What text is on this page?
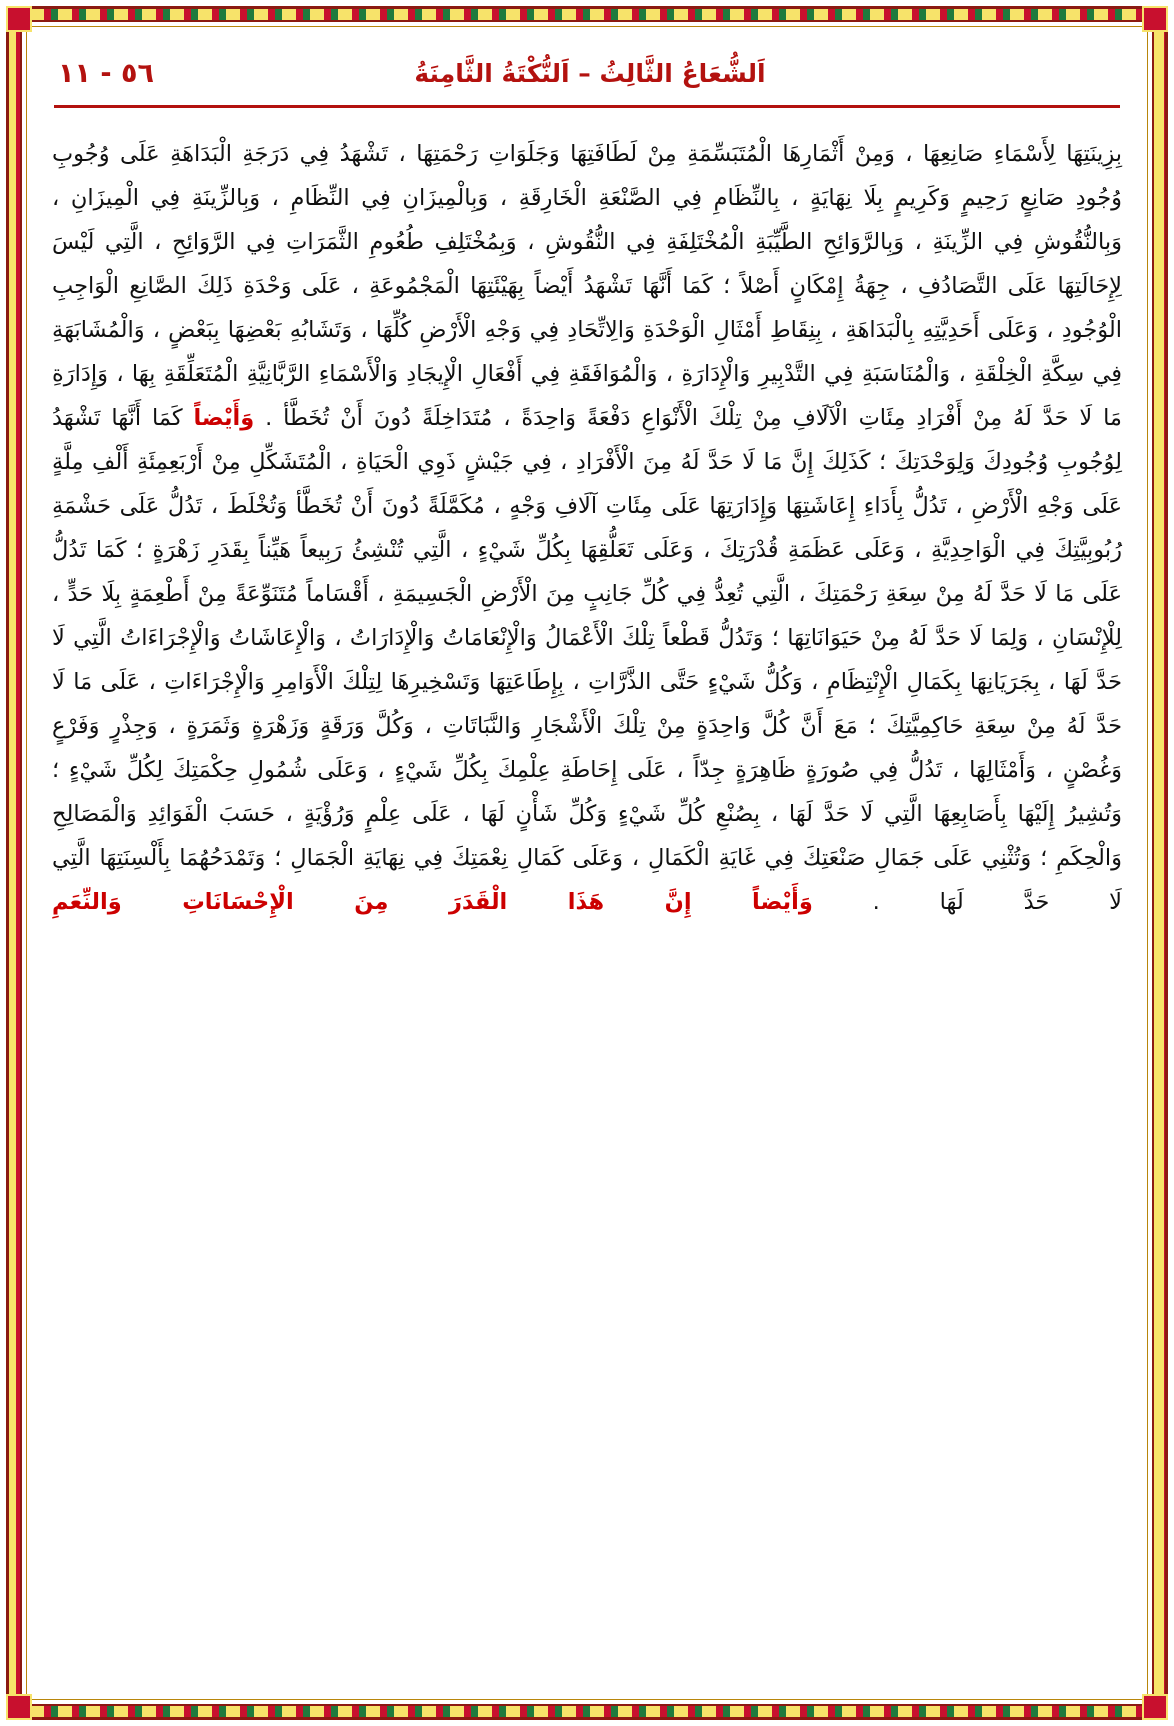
٥٦ - ١١	اَلشُّعَاعُ الثَّالِثُ – اَلنُّكْتَةُ الثَّامِنَةُ

بِزِينَتِهَا لِأَسْمَاءِ صَانِعِهَا ، وَمِنْ أَثْمَارِهَا الْمُتَبَسِّمَةِ مِنْ لَطَافَتِهَا وَجَلَوَاتِ رَحْمَتِهَا ، تَشْهَدُ فِي دَرَجَةِ الْبَدَاهَةِ عَلَى وُجُوبِ وُجُودِ صَانِعٍ رَحِيمٍ وَكَرِيمٍ بِلَا نِهَايَةٍ ، بِالنِّظَامِ فِي الصَّنْعَةِ الْخَارِقَةِ ، وَبِالْمِيزَانِ فِي النِّظَامِ ، وَبِالزِّينَةِ فِي الْمِيزَانِ ، وَبِالنُّقُوشِ فِي الزِّينَةِ ، وَبِالرَّوَائِحِ الطَّيِّبَةِ الْمُخْتَلِفَةِ فِي النُّقُوشِ ، وَبِمُخْتَلِفِ طُعُومِ الثَّمَرَاتِ فِي الرَّوَائِحِ ، الَّتِي لَيْسَ لِإِحَالَتِهَا عَلَى التَّصَادُفِ ، جِهَةُ إِمْكَانٍ أَصْلاً ؛ كَمَا أَنَّهَا تَشْهَدُ أَيْضاً بِهَيْئَتِهَا الْمَجْمُوعَةِ ، عَلَى وَحْدَةِ ذَلِكَ الصَّانِعِ الْوَاجِبِ الْوُجُودِ ، وَعَلَى أَحَدِيَّتِهِ بِالْبَدَاهَةِ ، بِنِقَاطِ أَمْثَالِ الْوَحْدَةِ وَالِاتِّحَادِ فِي وَجْهِ الْأَرْضِ كُلِّهَا ، وَتَشَابُهِ بَعْضِهَا بِبَعْضٍ ، وَالْمُشَابَهَةِ فِي سِكَّةِ الْخِلْقَةِ ، وَالْمُنَاسَبَةِ فِي التَّدْبِيرِ وَالْإِدَارَةِ ، وَالْمُوَافَقَةِ فِي أَفْعَالِ الْإِيجَادِ وَالْأَسْمَاءِ الرَّبَّانِيَّةِ الْمُتَعَلِّقَةِ بِهَا ، وَإِدَارَةِ مَا لَا حَدَّ لَهُ مِنْ أَفْرَادِ مِئَاتِ الْآلَافِ مِنْ تِلْكَ الْأَنْوَاعِ دَفْعَةً وَاحِدَةً ، مُتَدَاخِلَةً دُونَ أَنْ تُخَطَّأ . وَأَيْضاً كَمَا أَنَّهَا تَشْهَدُ لِوُجُوبِ وُجُودِكَ وَلِوَحْدَتِكَ ؛ كَذَلِكَ إِنَّ مَا لَا حَدَّ لَهُ مِنَ الْأَفْرَادِ ، فِي جَيْشٍ ذَوِي الْحَيَاةِ ، الْمُتَشَكِّلِ مِنْ أَرْبَعِمِئَةِ أَلْفِ مِلَّةٍ عَلَى وَجْهِ الْأَرْضِ ، تَدُلُّ بِأَدَاءِ إِعَاشَتِهَا وَإِدَارَتِهَا عَلَى مِئَاتِ آلَافِ وَجْهٍ ، مُكَمَّلَةً دُونَ أَنْ تُخَطَّأ وَتُخْلَطَ ، تَدُلُّ عَلَى حَشْمَةِ رُبُوبِيَّتِكَ فِي الْوَاحِدِيَّةِ ، وَعَلَى عَظَمَةِ قُدْرَتِكَ ، وَعَلَى تَعَلُّقِهَا بِكُلِّ شَيْءٍ ، الَّتِي تُنْشِئُ رَبِيعاً هَيِّناً بِقَدَرِ زَهْرَةٍ ؛ كَمَا تَدُلُّ عَلَى مَا لَا حَدَّ لَهُ مِنْ سِعَةِ رَحْمَتِكَ ، الَّتِي تُعِدُّ فِي كُلِّ جَانِبٍ مِنَ الْأَرْضِ الْجَسِيمَةِ ، أَقْسَاماً مُتَنَوِّعَةً مِنْ أَطْعِمَةٍ بِلَا حَدٍّ ، لِلْإِنْسَانِ ، وَلِمَا لَا حَدَّ لَهُ مِنْ حَيَوَانَاتِهَا ؛ وَتَدُلُّ قَطْعاً تِلْكَ الْأَعْمَالُ وَالْإِنْعَامَاتُ وَالْإِدَارَاتُ ، وَالْإِعَاشَاتُ وَالْإِجْرَاءَاتُ الَّتِي لَا حَدَّ لَهَا ، بِجَرَيَانِهَا بِكَمَالِ الْإِنْتِظَامِ ، وَكُلُّ شَيْءٍ حَتَّى الذَّرَّاتِ ، بِإِطَاعَتِهَا وَتَسْخِيرِهَا لِتِلْكَ الْأَوَامِرِ وَالْإِجْرَاءَاتِ ، عَلَى مَا لَا حَدَّ لَهُ مِنْ سِعَةِ حَاكِمِيَّتِكَ ؛ مَعَ أَنَّ كُلَّ وَاحِدَةٍ مِنْ تِلْكَ الْأَشْجَارِ وَالنَّبَاتَاتِ ، وَكُلَّ وَرَقَةٍ وَزَهْرَةٍ وَثَمَرَةٍ ، وَجِذْرٍ وَفَرْعٍ وَغُصْنٍ ، وَأَمْثَالِهَا ، تَدُلُّ فِي صُورَةٍ ظَاهِرَةٍ جِدّاً ، عَلَى إِحَاطَةِ عِلْمِكَ بِكُلِّ شَيْءٍ ، وَعَلَى شُمُولِ حِكْمَتِكَ لِكُلِّ شَيْءٍ ؛ وَتُشِيرُ إِلَيْهَا بِأَصَابِعِهَا الَّتِي لَا حَدَّ لَهَا ، بِصُنْعِ كُلِّ شَيْءٍ وَكُلِّ شَأْنٍ لَهَا ، عَلَى عِلْمٍ وَرُؤْيَةٍ ، حَسَبَ الْفَوَائِدِ وَالْمَصَالِحِ وَالْحِكَمِ ؛ وَتُثْنِي عَلَى جَمَالِ صَنْعَتِكَ فِي غَايَةِ الْكَمَالِ ، وَعَلَى كَمَالِ نِعْمَتِكَ فِي نِهَايَةِ الْجَمَالِ ؛ وَتَمْدَحُهُمَا بِأَلْسِنَتِهَا الَّتِي لَا حَدَّ لَهَا . وَأَيْضاً إِنَّ هَذَا الْقَدَرَ مِنَ الْإِحْسَانَاتِ وَالنِّعَمِ
